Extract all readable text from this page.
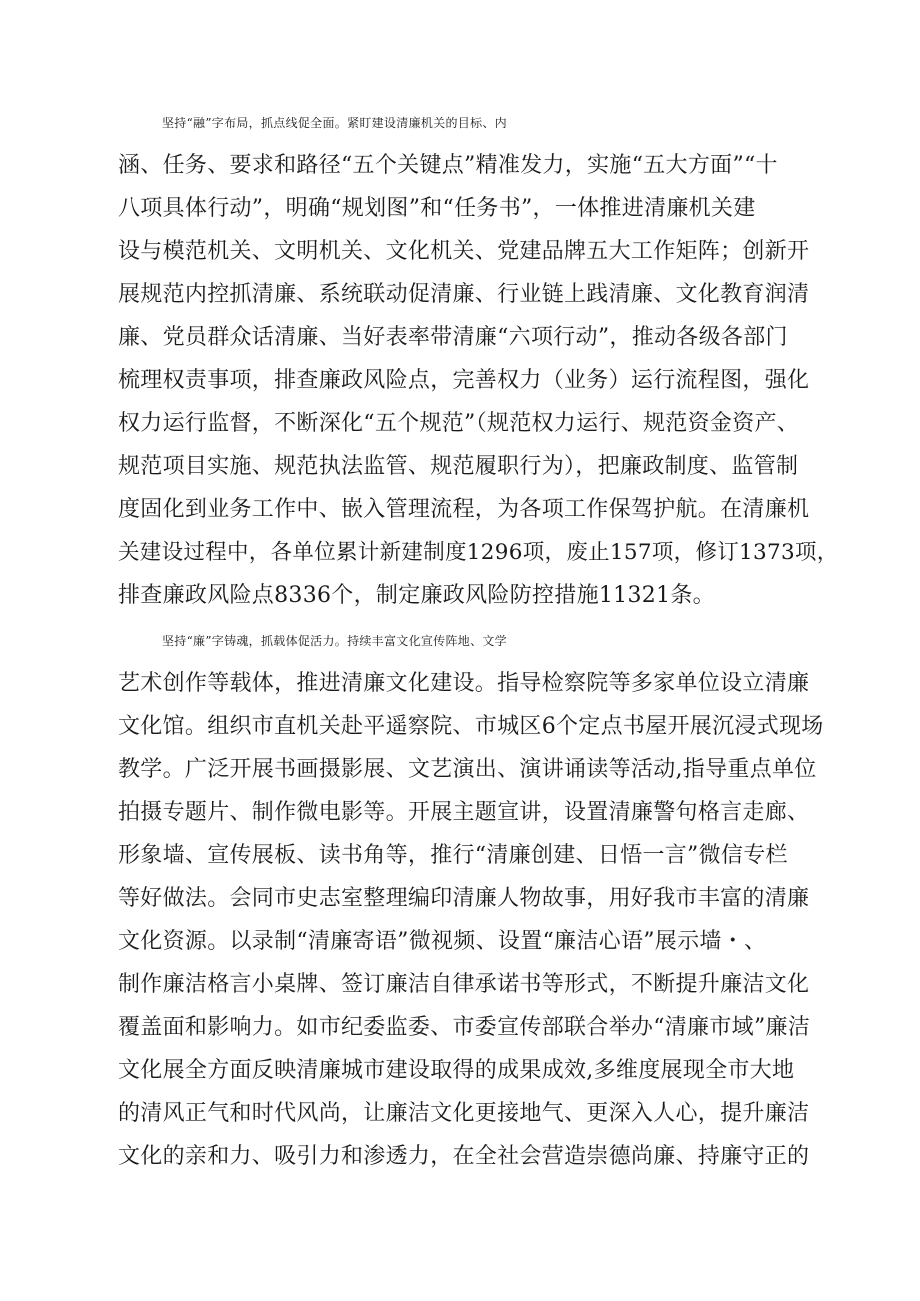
坚持“融”字布局，抓点线促全面。紧盯建设清廉机关的目标、内
涵、任务、要求和路径“五个关键点”精准发力，实施“五大方面”“十
八项具体行动”，明确“规划图”和“任务书”，一体推进清廉机关建
设与模范机关、文明机关、文化机关、党建品牌五大工作矩阵；创新开
展规范内控抓清廉、系统联动促清廉、行业链上践清廉、文化教育润清
廉、党员群众话清廉、当好表率带清廉“六项行动”，推动各级各部门
梳理权责事项，排查廉政风险点，完善权力（业务）运行流程图，强化
权力运行监督，不断深化“五个规范”（规范权力运行、规范资金资产、
规范项目实施、规范执法监管、规范履职行为），把廉政制度、监管制
度固化到业务工作中、嵌入管理流程，为各项工作保驾护航。在清廉机
关建设过程中，各单位累计新建制度1296项，废止157项，修订1373项，
排查廉政风险点8336个，制定廉政风险防控措施11321条。
坚持“廉”字铸魂，抓载体促活力。持续丰富文化宣传阵地、文学
艺术创作等载体，推进清廉文化建设。指导检察院等多家单位设立清廉
文化馆。组织市直机关赴平遥察院、市城区6个定点书屋开展沉浸式现场
教学。广泛开展书画摄影展、文艺演出、演讲诵读等活动,指导重点单位
拍摄专题片、制作微电影等。开展主题宣讲，设置清廉警句格言走廊、
形象墙、宣传展板、读书角等，推行“清廉创建、日悟一言”微信专栏
等好做法。会同市史志室整理编印清廉人物故事，用好我市丰富的清廉
文化资源。以录制“清廉寄语”微视频、设置“廉洁心语”展示墙・、
制作廉洁格言小桌牌、签订廉洁自律承诺书等形式，不断提升廉洁文化
覆盖面和影响力。如市纪委监委、市委宣传部联合举办“清廉市域”廉洁
文化展全方面反映清廉城市建设取得的成果成效,多维度展现全市大地
的清风正气和时代风尚，让廉洁文化更接地气、更深入人心，提升廉洁
文化的亲和力、吸引力和渗透力，在全社会营造崇德尚廉、持廉守正的
